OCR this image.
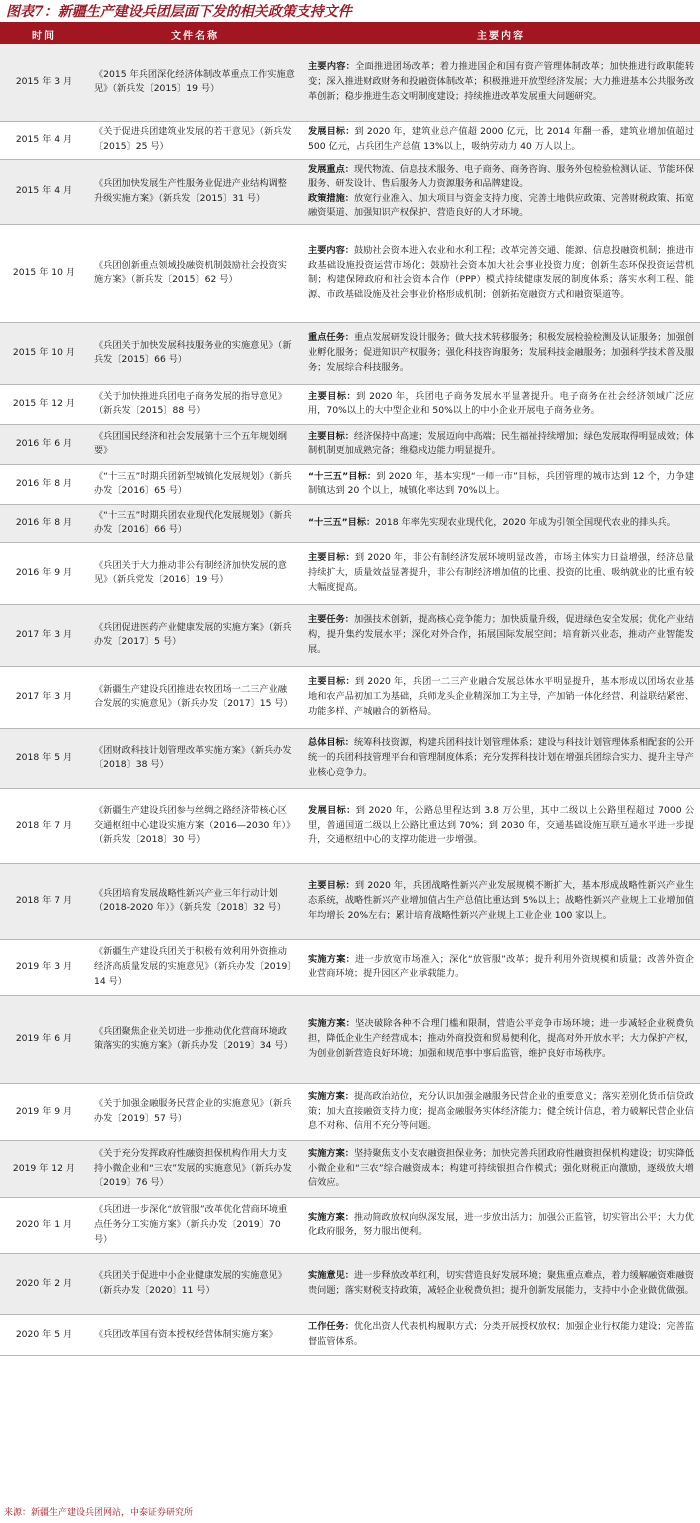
图表7：新疆生产建设兵团层面下发的相关政策支持文件
时间	文件名称	主要内容
2015 年 3 月	《2015 年兵团深化经济体制改革重点工作实施意见》（新兵发〔2015〕19 号）	主要内容：全面推进团场改革；着力推进国企和国有资产管理体制改革；加快推进行政职能转变；深入推进财政财务和投融资体制改革；积极推进开放型经济发展；大力推进基本公共服务改革创新；稳步推进生态文明制度建设；持续推进改革发展重大问题研究。

2015 年 4 月	《关于促进兵团建筑业发展的若干意见》（新兵发〔2015〕25 号）	发展目标：到 2020 年，建筑业总产值超 2000 亿元，比 2014 年翻一番，建筑业增加值超过 500 亿元，占兵团生产总值 13%以上，吸纳劳动力 40 万人以上。

2015 年 4 月	《兵团加快发展生产性服务业促进产业结构调整升级实施方案》（新兵发〔2015〕31 号）	发展重点：现代物流、信息技术服务、电子商务、商务咨询、服务外包检验检测认证、节能环保服务、研发设计、售后服务人力资源服务和品牌建设。
政策措施：放宽行业准入、加大项目与资金支持力度、完善土地供应政策、完善财税政策、拓宽融资渠道、加强知识产权保护、营造良好的人才环境。

2015 年 10 月	《兵团创新重点领域投融资机制鼓励社会投资实施方案》（新兵发〔2015〕62 号）	主要内容：鼓励社会资本进入农业和水利工程；改革完善交通、能源、信息投融资机制；推进市政基础设施投资运营市场化；鼓励社会资本加大社会事业投资力度；创新生态环保投资运营机制；构建保障政府和社会资本合作（PPP）模式持续健康发展的制度体系；落实水利工程、能源、市政基础设施及社会事业价格形成机制；创新拓宽融资方式和融资渠道等。

2015 年 10 月	《兵团关于加快发展科技服务业的实施意见》（新兵发〔2015〕66 号）	重点任务：重点发展研发设计服务；做大技术转移服务；积极发展检验检测及认证服务；加强创业孵化服务；促进知识产权服务；强化科技咨询服务；发展科技金融服务；加强科学技术普及服务；发展综合科技服务。

2015 年 12 月	《关于加快推进兵团电子商务发展的指导意见》（新兵发〔2015〕88 号）	主要目标：到 2020 年，兵团电子商务发展水平显著提升。电子商务在社会经济领域广泛应用，70%以上的大中型企业和 50%以上的中小企业开展电子商务业务。

2016 年 6 月	《兵团国民经济和社会发展第十三个五年规划纲要》	主要目标：经济保持中高速；发展迈向中高端；民生福祉持续增加；绿色发展取得明显成效；体制机制更加成熟完备；维稳戍边能力明显提升。

2016 年 8 月	《“十三五”时期兵团新型城镇化发展规划》（新兵办发〔2016〕65 号）	“十三五”目标：到 2020 年，基本实现“一师一市”目标，兵团管理的城市达到 12 个，力争建制镇达到 20 个以上，城镇化率达到 70%以上。

2016 年 8 月	《“十三五”时期兵团农业现代化发展规划》（新兵办发〔2016〕66 号）	“十三五”目标：2018 年率先实现农业现代化，2020 年成为引领全国现代农业的排头兵。

2016 年 9 月	《兵团关于大力推动非公有制经济加快发展的意见》（新兵党发〔2016〕19 号）	主要目标：到 2020 年，非公有制经济发展环境明显改善，市场主体实力日益增强，经济总量持续扩大，质量效益显著提升，非公有制经济增加值的比重、投资的比重、吸纳就业的比重有较大幅度提高。

2017 年 3 月	《兵团促进医药产业健康发展的实施方案》（新兵办发〔2017〕5 号）	主要任务：加强技术创新，提高核心竞争能力；加快质量升级，促进绿色安全发展；优化产业结构，提升集约发展水平；深化对外合作，拓展国际发展空间；培育新兴业态，推动产业智能发展。

2017 年 3 月	《新疆生产建设兵团推进农牧团场一二三产业融合发展的实施意见》（新兵办发〔2017〕15 号）	主要目标：到 2020 年，兵团一二三产业融合发展总体水平明显提升，基本形成以团场农业基地和农产品初加工为基础，兵师龙头企业精深加工为主导，产加销一体化经营、利益联结紧密、功能多样、产城融合的新格局。

2018 年 5 月	《团财政科技计划管理改革实施方案》（新兵办发〔2018〕38 号）	总体目标：统筹科技资源，构建兵团科技计划管理体系；建设与科技计划管理体系相配套的公开统一的兵团科技管理平台和管理制度体系；充分发挥科技计划在增强兵团综合实力、提升主导产业核心竞争力。

2018 年 7 月	《新疆生产建设兵团参与丝绸之路经济带核心区交通枢纽中心建设实施方案（2016—2030 年）》（新兵发〔2018〕30 号）	发展目标：到 2020 年，公路总里程达到 3.8 万公里，其中二级以上公路里程超过 7000 公里，普通国道二级以上公路比重达到 70%；到 2030 年，交通基础设施互联互通水平进一步提升，交通枢纽中心的支撑功能进一步增强。

2018 年 7 月	《兵团培育发展战略性新兴产业三年行动计划（2018-2020 年）》（新兵发〔2018〕32 号）	主要目标：到 2020 年，兵团战略性新兴产业发展规模不断扩大，基本形成战略性新兴产业生态系统，战略性新兴产业增加值占生产总值比重达到 5%以上；战略性新兴产业规上工业增加值年均增长 20%左右；累计培育战略性新兴产业规上工业企业 100 家以上。

2019 年 3 月	《新疆生产建设兵团关于积极有效利用外资推动经济高质量发展的实施意见》（新兵办发〔2019〕14 号）	实施方案：进一步放宽市场准入；深化“放管服”改革；提升利用外资规模和质量；改善外资企业营商环境；提升园区产业承载能力。

2019 年 6 月	《兵团聚焦企业关切进一步推动优化营商环境政策落实的实施方案》（新兵办发〔2019〕34 号）	实施方案：坚决破除各种不合理门槛和限制，营造公平竞争市场环境；进一步减轻企业税费负担，降低企业生产经营成本；推动外商投资和贸易便利化，提高对外开放水平；大力保护产权，为创业创新营造良好环境；加强和规范事中事后监管，维护良好市场秩序。

2019 年 9 月	《关于加强金融服务民营企业的实施意见》（新兵办发〔2019〕57 号）	实施方案：提高政治站位，充分认识加强金融服务民营企业的重要意义；落实差别化货币信贷政策；加大直接融资支持力度；提高金融服务实体经济能力；健全统计信息，着力破解民营企业信息不对称、信用不充分等问题。

2019 年 12 月	《关于充分发挥政府性融资担保机构作用大力支持小微企业和“三农”发展的实施意见》（新兵办发〔2019〕76 号）	实施方案：坚持聚焦支小支农融资担保业务；加快完善兵团政府性融资担保机构建设；切实降低小微企业和“三农”综合融资成本；构建可持续银担合作模式；强化财税正向激励，逐级放大增信效应。

2020 年 1 月	《兵团进一步深化“放管服”改革优化营商环境重点任务分工实施方案》（新兵办发〔2019〕70 号）	实施方案：推动简政放权向纵深发展，进一步放出活力；加强公正监管，切实管出公平；大力优化政府服务，努力服出便利。

2020 年 2 月	《兵团关于促进中小企业健康发展的实施意见》（新兵办发〔2020〕11 号）	实施意见：进一步释放改革红利，切实营造良好发展环境；聚焦重点难点，着力缓解融资难融资贵问题；落实财税支持政策，减轻企业税费负担；提升创新发展能力，支持中小企业做优做强。

2020 年 5 月	《兵团改革国有资本授权经营体制实施方案》	工作任务：优化出资人代表机构履职方式；分类开展授权放权；加强企业行权能力建设；完善监督监管体系。
来源：新疆生产建设兵团网站，中泰证券研究所
